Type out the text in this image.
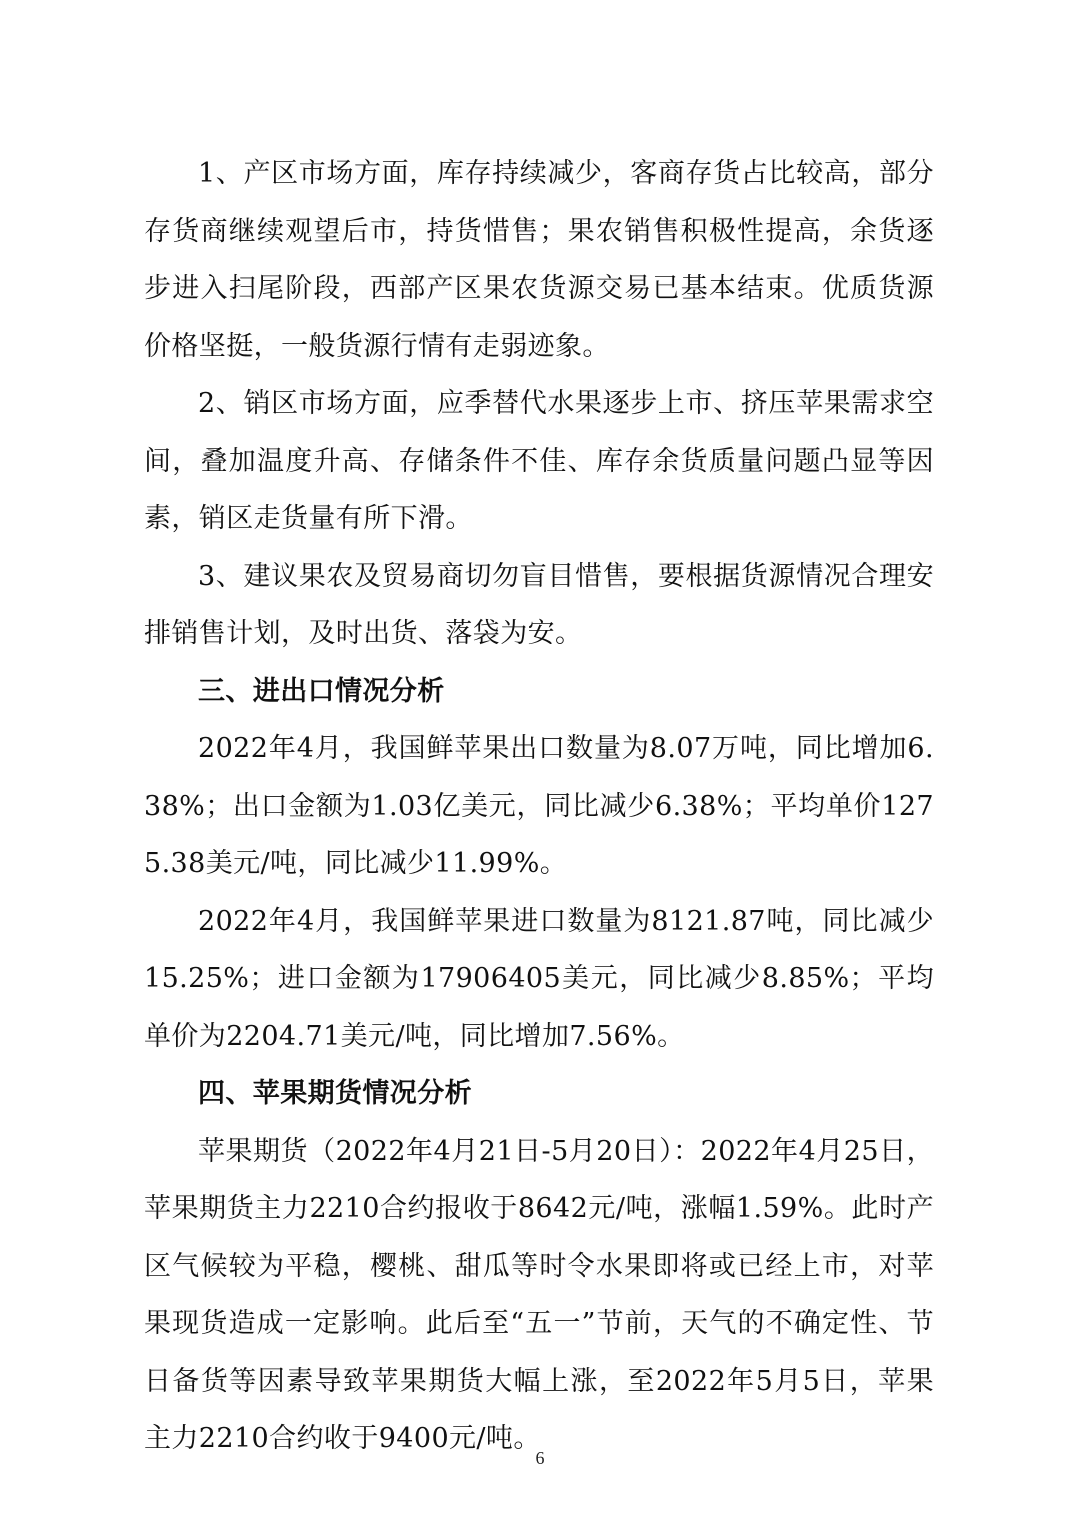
1、产区市场方面，库存持续减少，客商存货占比较高，部分存货商继续观望后市，持货惜售；果农销售积极性提高，余货逐步进入扫尾阶段，西部产区果农货源交易已基本结束。优质货源价格坚挺，一般货源行情有走弱迹象。

2、销区市场方面，应季替代水果逐步上市、挤压苹果需求空间，叠加温度升高、存储条件不佳、库存余货质量问题凸显等因素，销区走货量有所下滑。

3、建议果农及贸易商切勿盲目惜售，要根据货源情况合理安排销售计划，及时出货、落袋为安。

三、进出口情况分析

2022年4月，我国鲜苹果出口数量为8.07万吨，同比增加6.38%；出口金额为1.03亿美元，同比减少6.38%；平均单价1275.38美元/吨，同比减少11.99%。

2022年4月，我国鲜苹果进口数量为8121.87吨，同比减少15.25%；进口金额为17906405美元，同比减少8.85%；平均单价为2204.71美元/吨，同比增加7.56%。

四、苹果期货情况分析

苹果期货（2022年4月21日-5月20日）：2022年4月25日，苹果期货主力2210合约报收于8642元/吨，涨幅1.59%。此时产区气候较为平稳，樱桃、甜瓜等时令水果即将或已经上市，对苹果现货造成一定影响。此后至“五一”节前，天气的不确定性、节日备货等因素导致苹果期货大幅上涨，至2022年5月5日，苹果主力2210合约收于9400元/吨。

6
